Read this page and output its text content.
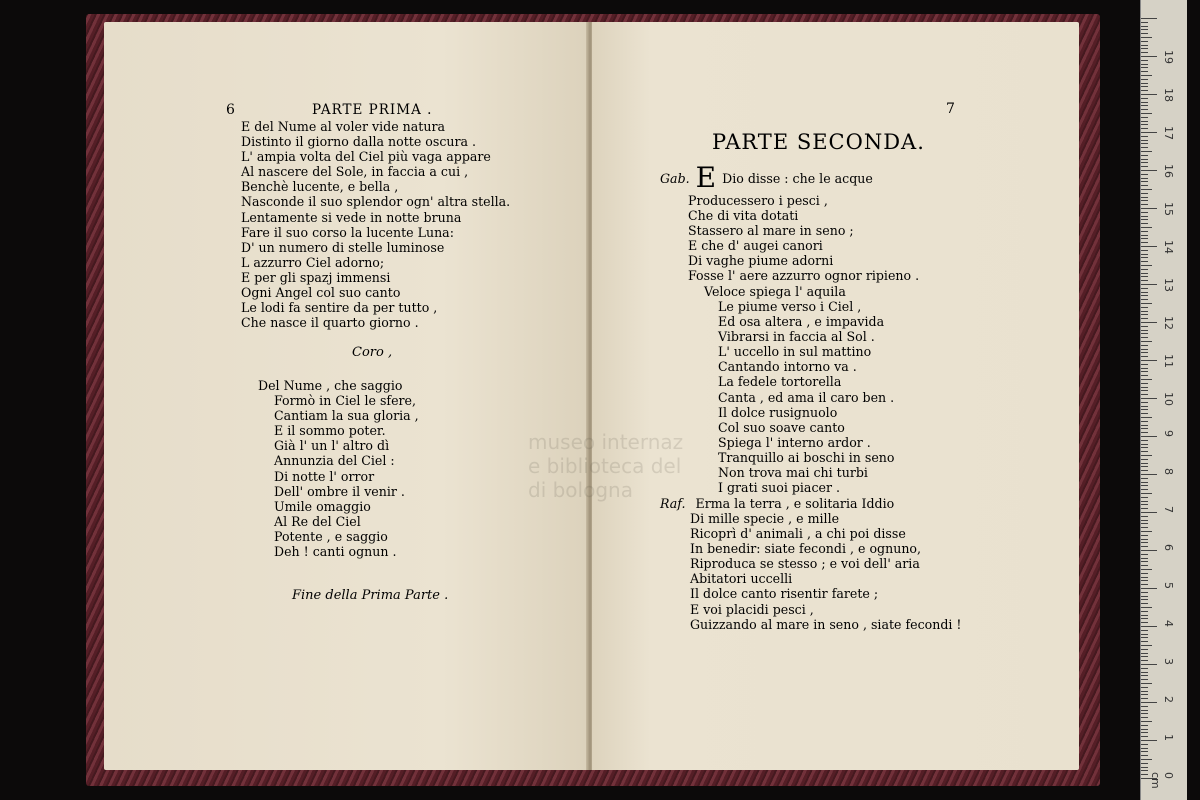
6	PARTE PRIMA .
E del Nume al voler vide natura
Distinto il giorno dalla notte oscura .
L' ampia volta del Ciel più vaga appare
Al nascere del Sole, in faccia a cui ,
Benchè lucente, e bella ,
Nasconde il suo splendor ogn' altra stella.
Lentamente si vede in notte bruna
Fare il suo corso la lucente Luna:
D' un numero di stelle luminose
L azzurro Ciel adorno;
E per gli spazj immensi
Ogni Angel col suo canto
Le lodi fa sentire da per tutto ,
Che nasce il quarto giorno .
Coro ,
Del Nume , che saggio
Formò in Ciel le sfere,
Cantiam la sua gloria ,
E il sommo poter.
Già l' un l' altro dì
Annunzia del Ciel :
Di notte l' orror
Dell' ombre il venir .
Umile omaggio
Al Re del Ciel
Potente , e saggio
Deh ! canti ognun .
Fine della Prima Parte .
7
PARTE SECONDA.
Gab. E Dio disse : che le acque
Producessero i pesci ,
Che di vita dotati
Stassero al mare in seno ;
E che d' augei canori
Di vaghe piume adorni
Fosse l' aere azzurro ognor ripieno .
Veloce spiega l' aquila
Le piume verso i Ciel ,
Ed osa altera , e impavida
Vibrarsi in faccia al Sol .
L' uccello in sul mattino
Cantando intorno va .
La fedele tortorella
Canta , ed ama il caro ben .
Il dolce rusignuolo
Col suo soave canto
Spiega l' interno ardor .
Tranquillo ai boschi in seno
Non trova mai chi turbi
I grati suoi piacer .
Raf. Erma la terra , e solitaria Iddio
Di mille specie , e mille
Ricoprì d' animali , a chi poi disse
In benedir: siate fecondi , e ognuno,
Riproduca se stesso ; e voi dell' aria
Abitatori uccelli
Il dolce canto risentir farete ;
E voi placidi pesci ,
Guizzando al mare in seno , siate fecondi !
museo internaz
e biblioteca del
di bologna
0 cm
1
2
3
4
5
6
7
8
9
10
11
12
13
14
15
16
17
18
19
